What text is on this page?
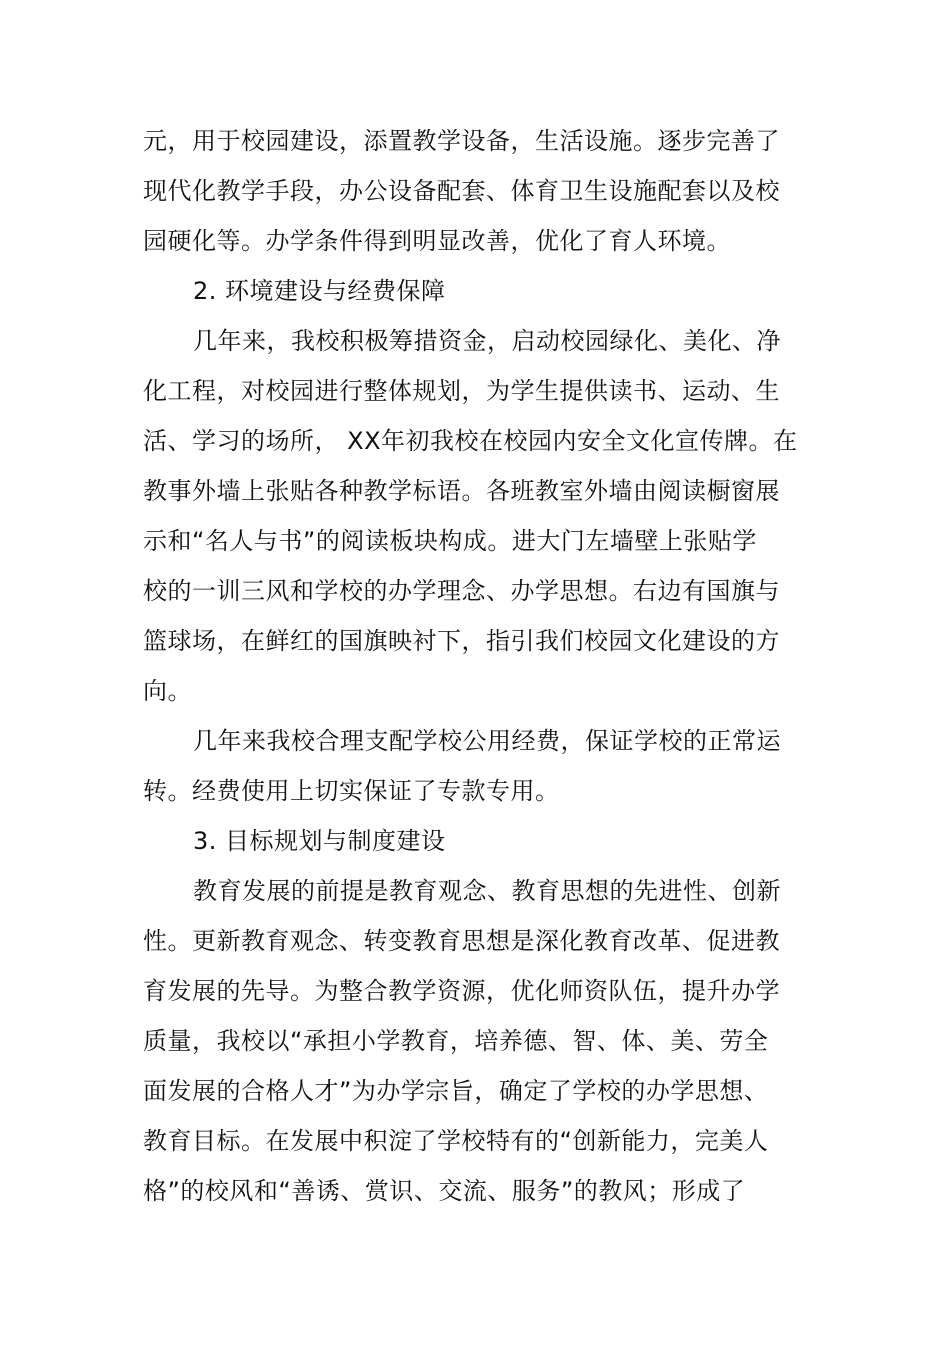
元，用于校园建设，添置教学设备，生活设施。逐步完善了
现代化教学手段，办公设备配套、体育卫生设施配套以及校
园硬化等。办学条件得到明显改善，优化了育人环境。
2. 环境建设与经费保障
几年来，我校积极筹措资金，启动校园绿化、美化、净
化工程，对校园进行整体规划，为学生提供读书、运动、生
活、学习的场所， XX年初我校在校园内安全文化宣传牌。在
教事外墙上张贴各种教学标语。各班教室外墙由阅读橱窗展
示和“名人与书”的阅读板块构成。进大门左墙壁上张贴学
校的一训三风和学校的办学理念、办学思想。右边有国旗与
篮球场，在鲜红的国旗映衬下，指引我们校园文化建设的方
向。
几年来我校合理支配学校公用经费，保证学校的正常运
转。经费使用上切实保证了专款专用。
3. 目标规划与制度建设
教育发展的前提是教育观念、教育思想的先进性、创新
性。更新教育观念、转变教育思想是深化教育改革、促进教
育发展的先导。为整合教学资源，优化师资队伍，提升办学
质量，我校以“承担小学教育，培养德、智、体、美、劳全
面发展的合格人才”为办学宗旨，确定了学校的办学思想、
教育目标。在发展中积淀了学校特有的“创新能力，完美人
格”的校风和“善诱、赏识、交流、服务”的教风；形成了
